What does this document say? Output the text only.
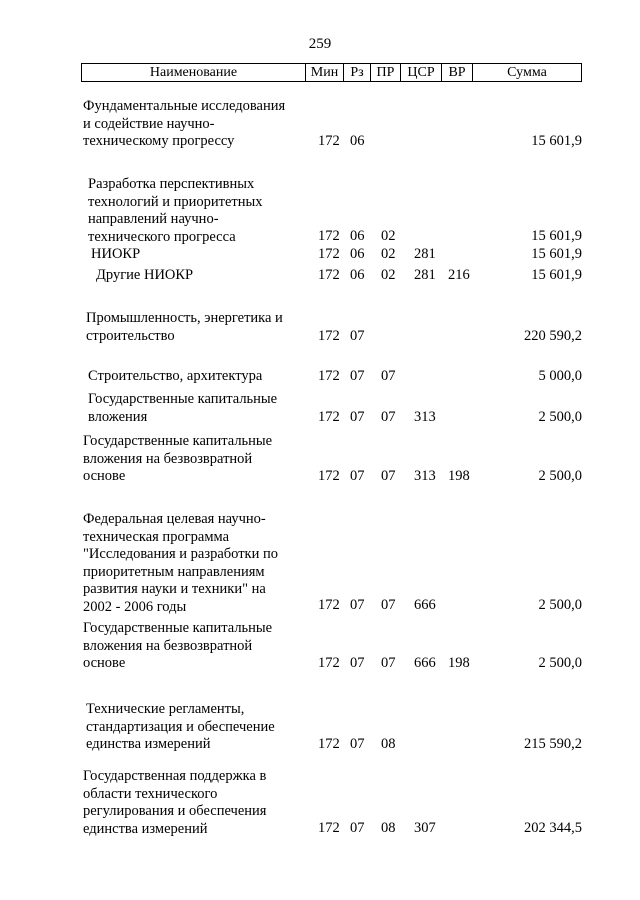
259
Наименование	Мин	Рз	ПР	ЦСР	ВР	Сумма
Фундаментальные исследования
и содействие научно-
техническому прогрессу	172 06	15 601,9
Разработка перспективных
технологий и приоритетных
направлений научно-
технического прогресса	172 06 02	15 601,9
НИОКР	172 06 02 281	15 601,9
Другие НИОКР	172 06 02 281 216	15 601,9
Промышленность, энергетика и
строительство	172 07	220 590,2
Строительство, архитектура	172 07 07	5 000,0
Государственные капитальные
вложения	172 07 07 313	2 500,0
Государственные капитальные
вложения на безвозвратной
основе	172 07 07 313 198	2 500,0
Федеральная целевая научно-
техническая программа
"Исследования и разработки по
приоритетным направлениям
развития науки и техники" на
2002 - 2006 годы	172 07 07 666	2 500,0
Государственные капитальные
вложения на безвозвратной
основе	172 07 07 666 198	2 500,0
Технические регламенты,
стандартизация и обеспечение
единства измерений	172 07 08	215 590,2
Государственная поддержка в
области технического
регулирования и обеспечения
единства измерений	172 07 08 307	202 344,5
